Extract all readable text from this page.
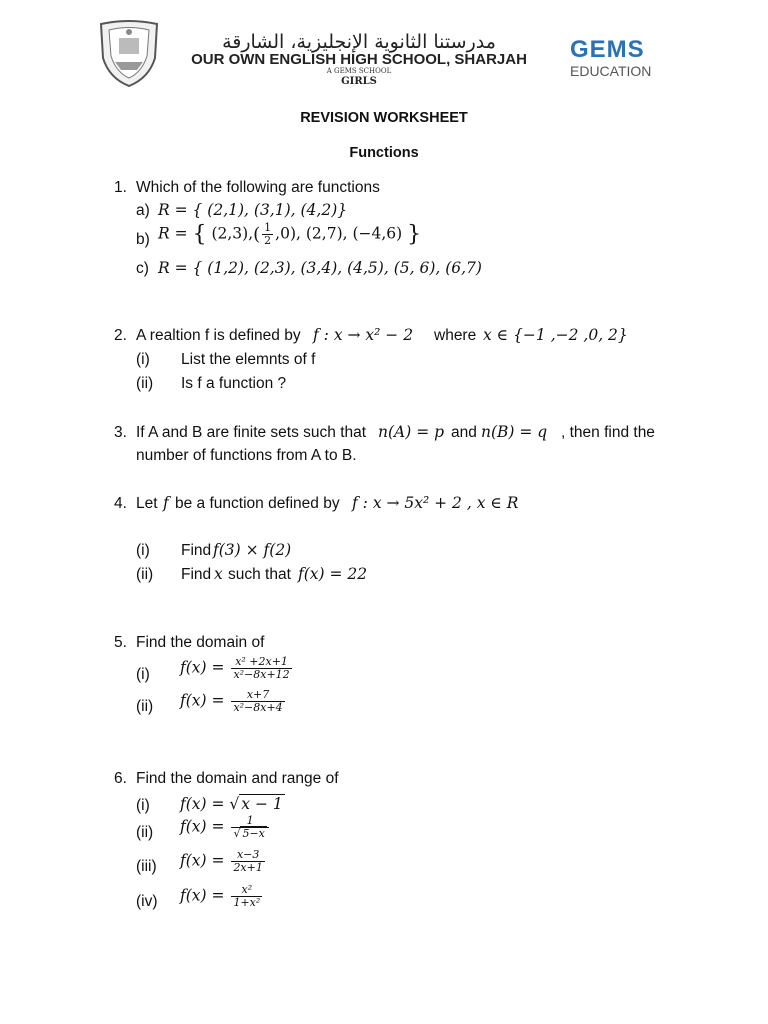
مدرستنا الثانوية الإنجليزية، الشارقة
OUR OWN ENGLISH HIGH SCHOOL, SHARJAH
A GEMS SCHOOL
GIRLS
GEMS
EDUCATION
REVISION WORKSHEET
Functions
1. Which of the following are functions
a) R = { (2,1), (3,1), (4,2)}
b) R = { $(2,3),( \frac{1}{2} ,0)$, (2,7), (−4,6) }
c) R = { (1,2), (2,3), (3,4), (4,5), (5, 6), (6,7)
2. A realtion f is defined by f : x → x² − 2 where x ∈ {−1 ,−2 ,0, 2}
(i) List the elemnts of f
(ii) Is f a function ?
3. If A and B are finite sets such that n(A) = p and n(B) = q , then find the
number of functions from A to B.
4. Let f be a function defined by f : x → 5x² + 2 , x ∈ R
(i) Find f(3) × f(2)
(ii) Find x such that f(x) = 22
5. Find the domain of
(i) $f(x) = \frac{\text{x² +2x+1}}{\text{x²−8x+12}}$
(ii) $f(x) = \frac{x+7}{\text{x²−8x+4}}$
6. Find the domain and range of
(i) f(x) = √ x − 1
(ii) $f(x) = \frac{1}{√ 5-x}$
(iii) $f(x) = \frac{x-3}{2x+1}$
(iv) $f(x) = \frac{\text{x²}}{\text{1+x²}}$
